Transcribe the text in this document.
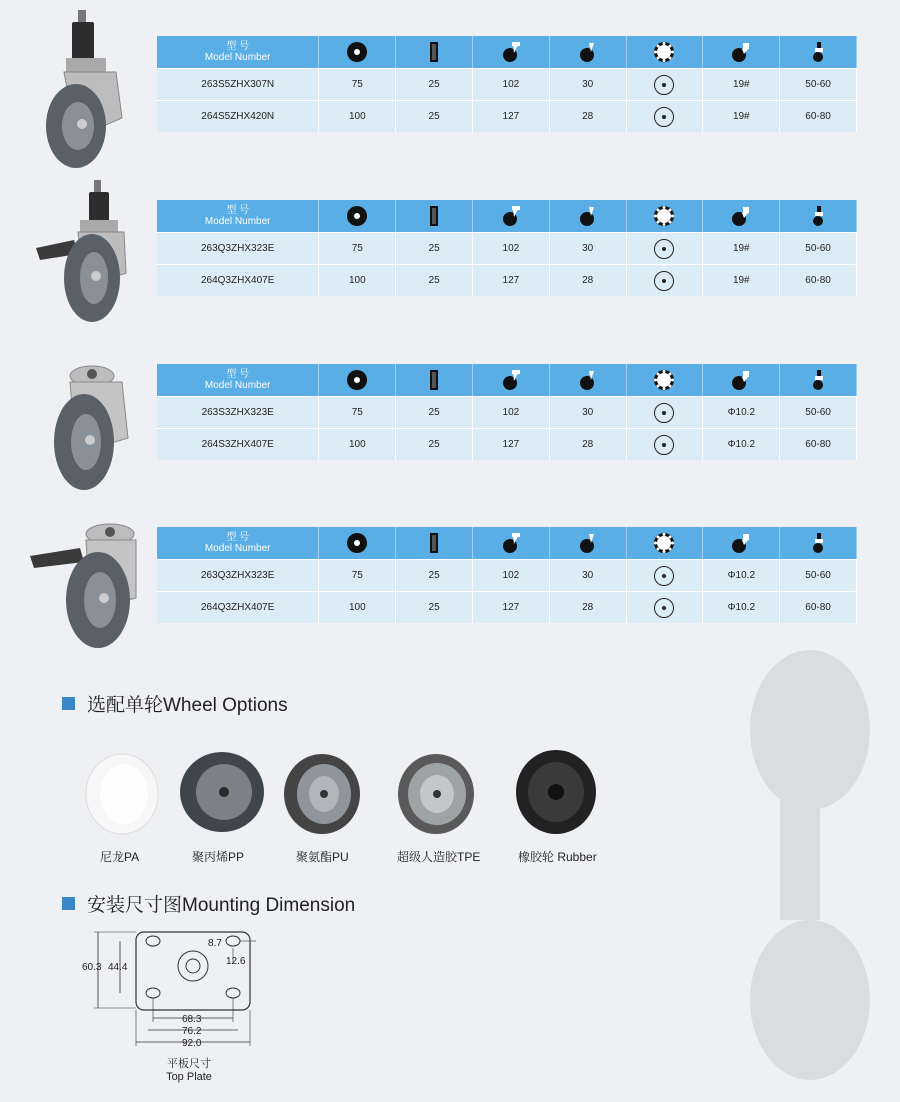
型 号
Model Number
263S5ZHX307N	75	25	102	30	19#	50-60
264S5ZHX420N	100	25	127	28	19#	60-80
型 号
Model Number
263Q3ZHX323E	75	25	102	30	19#	50-60
264Q3ZHX407E	100	25	127	28	19#	60-80
型 号
Model Number
263S3ZHX323E	75	25	102	30	Φ10.2	50-60
264S3ZHX407E	100	25	127	28	Φ10.2	60-80
型 号
Model Number
263Q3ZHX323E	75	25	102	30	Φ10.2	50-60
264Q3ZHX407E	100	25	127	28	Φ10.2	60-80
选配单轮Wheel Options
尼龙PA	聚丙烯PP	聚氨酯PU	超级人造胶TPE	橡胶轮 Rubber
安装尺寸图Mounting Dimension
8.7
12.6
60.3 44.4
68.3
76.2
92.0
平板尺寸
Top Plate
